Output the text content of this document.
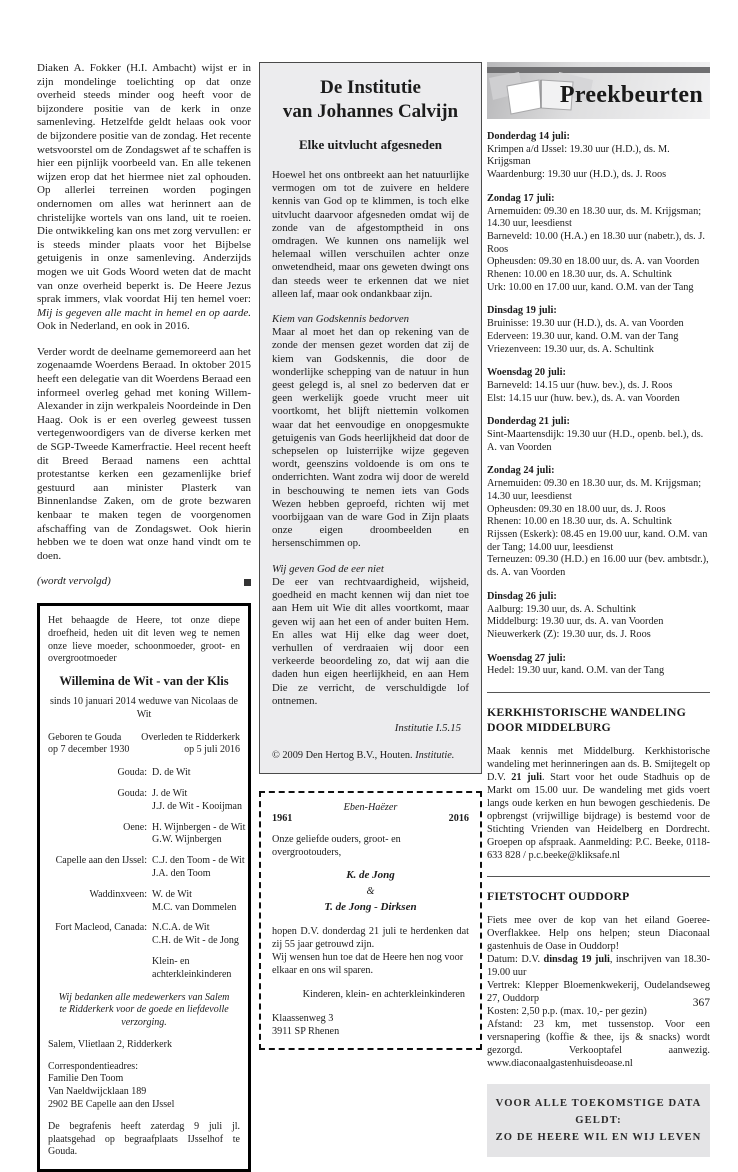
Diaken A. Fokker (H.I. Ambacht) wijst er in zijn mondelinge toelichting op dat onze overheid steeds minder oog heeft voor de bijzondere positie van de kerk in onze samenleving. Hetzelfde geldt helaas ook voor de bijzondere positie van de zondag. Het recente wetsvoorstel om de Zondagswet af te schaffen is hier een pijnlijk voorbeeld van. En alle tekenen wijzen erop dat het hiermee niet zal ophouden. Op allerlei terreinen worden pogingen ondernomen om alles wat herinnert aan de christelijke wortels van ons land, uit te roeien. Die ontwikkeling kan ons met zorg vervullen: er is steeds minder plaats voor het Bijbelse getuigenis in onze samenleving. Anderzijds mogen we uit Gods Woord weten dat de macht van onze overheid beperkt is. De Heere Jezus sprak immers, vlak voordat Hij ten hemel voer: Mij is gegeven alle macht in hemel en op aarde. Ook in Nederland, en ook in 2016.

Verder wordt de deelname gememoreerd aan het zogenaamde Woerdens Beraad. In oktober 2015 heeft een delegatie van dit Woerdens Beraad een informeel overleg gehad met koning Willem-Alexander in zijn werkpaleis Noordeinde in Den Haag. Ook is er een overleg geweest tussen vertegenwoordigers van de diverse kerken met de SGP-Tweede Kamerfractie. Heel recent heeft dit Breed Beraad namens een achttal protestantse kerken een gezamenlijke brief gestuurd aan minister Plasterk van Binnenlandse Zaken, om de grote bezwaren kenbaar te maken tegen de voorgenomen afschaffing van de Zondagswet. Ook hierin hebben we te doen wat onze hand vindt om te doen.

(wordt vervolgd)
Het behaagde de Heere, tot onze diepe droefheid, heden uit dit leven weg te nemen onze lieve moeder, schoonmoeder, groot- en overgrootmoeder
Willemina de Wit - van der Klis
sinds 10 januari 2014 weduwe van Nicolaas de Wit
Geboren te Gouda
op 7 december 1930
Overleden te Ridderkerk
op 5 juli 2016
Gouda: D. de Wit
Gouda: J. de Wit
J.J. de Wit - Kooijman
Oene: H. Wijnbergen - de Wit
G.W. Wijnbergen
Capelle aan den IJssel: C.J. den Toom - de Wit
J.A. den Toom
Waddinxveen: W. de Wit
M.C. van Dommelen
Fort Macleod, Canada: N.C.A. de Wit
C.H. de Wit - de Jong
Klein- en
achterkleinkinderen
Wij bedanken alle medewerkers van Salem
te Ridderkerk voor de goede en liefdevolle verzorging.
Salem, Vlietlaan 2, Ridderkerk
Correspondentieadres:
Familie Den Toom
Van Naeldwijcklaan 189
2902 BE Capelle aan den IJssel
De begrafenis heeft zaterdag 9 juli jl. plaatsgehad op begraafplaats IJsselhof te Gouda.
De Institutie
van Johannes Calvijn
Elke uitvlucht afgesneden

Hoewel het ons ontbreekt aan het natuurlijke vermogen om tot de zuivere en heldere kennis van God op te klimmen, is toch elke uitvlucht daarvoor afgesneden omdat wij de zonde van de afgestomptheid in ons omdragen. We kunnen ons namelijk wel helemaal willen verschuilen achter onze onwetendheid, maar ons geweten dwingt ons dan steeds weer te erkennen dat we niet alleen laf, maar ook ondankbaar zijn.

Kiem van Godskennis bedorven

Maar al moet het dan op rekening van de zonde der mensen gezet worden dat zij de kiem van Godskennis, die door de wonderlijke schepping van de natuur in hun geest gelegd is, al snel zo bederven dat er geen werkelijk goede vrucht meer uit voortkomt, het blijft niettemin volkomen waar dat het eenvoudige en onopgesmukte getuigenis van Gods heerlijkheid dat door de schepselen op luisterrijke wijze gegeven wordt, geenszins voldoende is om ons te onderrichten. Want zodra wij door de wereld in beschouwing te nemen iets van Gods Wezen hebben geproefd, richten wij met voorbijgaan van de ware God in Zijn plaats onze eigen droombeelden en hersenschimmen op.

Wij geven God de eer niet

De eer van rechtvaardigheid, wijsheid, goedheid en macht kennen wij dan niet toe aan Hem uit Wie dit alles voortkomt, maar geven wij aan het een of ander buiten Hem. En alles wat Hij elke dag weer doet, verhullen of verdraaien wij door een verkeerde beoordeling zo, dat wij aan die daden hun eigen heerlijkheid, en aan Hem Die ze verricht, de verschuldigde lof ontnemen.

Institutie I.5.15
© 2009 Den Hertog B.V., Houten. Institutie.
Eben-Haëzer
1961	2016
Onze geliefde ouders, groot- en overgrootouders,
K. de Jong
&
T. de Jong - Dirksen
hopen D.V. donderdag 21 juli te herdenken dat zij 55 jaar getrouwd zijn.
Wij wensen hun toe dat de Heere hen nog voor elkaar en ons wil sparen.
Kinderen, klein- en achterkleinkinderen
Klaassenweg 3
3911 SP Rhenen
Preekbeurten
Donderdag 14 juli:
Krimpen a/d IJssel: 19.30 uur (H.D.), ds. M. Krijgsman
Waardenburg: 19.30 uur (H.D.), ds. J. Roos
Zondag 17 juli:
Arnemuiden: 09.30 en 18.30 uur, ds. M. Krijgsman; 14.30 uur, leesdienst
Barneveld: 10.00 (H.A.) en 18.30 uur (nabetr.), ds. J. Roos
Opheusden: 09.30 en 18.00 uur, ds. A. van Voorden
Rhenen: 10.00 en 18.30 uur, ds. A. Schultink
Urk: 10.00 en 17.00 uur, kand. O.M. van der Tang
Dinsdag 19 juli:
Bruinisse: 19.30 uur (H.D.), ds. A. van Voorden
Ederveen: 19.30 uur, kand. O.M. van der Tang
Vriezenveen: 19.30 uur, ds. A. Schultink
Woensdag 20 juli:
Barneveld: 14.15 uur (huw. bev.), ds. J. Roos
Elst: 14.15 uur (huw. bev.), ds. A. van Voorden
Donderdag 21 juli:
Sint-Maartensdijk: 19.30 uur (H.D., openb. bel.), ds. A. van Voorden
Zondag 24 juli:
Arnemuiden: 09.30 en 18.30 uur, ds. M. Krijgsman; 14.30 uur, leesdienst
Opheusden: 09.30 en 18.00 uur, ds. J. Roos
Rhenen: 10.00 en 18.30 uur, ds. A. Schultink
Rijssen (Eskerk): 08.45 en 19.00 uur, kand. O.M. van der Tang; 14.00 uur, leesdienst
Terneuzen: 09.30 (H.D.) en 16.00 uur (bev. ambtsdr.), ds. A. van Voorden
Dinsdag 26 juli:
Aalburg: 19.30 uur, ds. A. Schultink
Middelburg: 19.30 uur, ds. A. van Voorden
Nieuwerkerk (Z): 19.30 uur, ds. J. Roos
Woensdag 27 juli:
Hedel: 19.30 uur, kand. O.M. van der Tang
KERKHISTORISCHE WANDELING
DOOR MIDDELBURG

Maak kennis met Middelburg. Kerkhistorische wandeling met herinneringen aan ds. B. Smijtegelt op D.V. 21 juli. Start voor het oude Stadhuis op de Markt om 15.00 uur. De wandeling met gids voert langs oude kerken en hun bewogen geschiedenis. De opbrengst (vrijwillige bijdrage) is bestemd voor de Stichting Vrienden van Heidelberg en Dordrecht. Groepen op afspraak. Aanmelding: P.C. Beeke, 0118-633 828 / p.c.beeke@kliksafe.nl

FIETSTOCHT OUDDORP

Fiets mee over de kop van het eiland Goeree-Overflakkee. Help ons helpen; steun Diaconaal gastenhuis de Oase in Ouddorp!
Datum: D.V. dinsdag 19 juli, inschrijven van 18.30-19.00 uur
Vertrek: Klepper Bloemenkwekerij, Oudelandseweg 27, Ouddorp
Kosten: 2,50 p.p. (max. 10,- per gezin)
Afstand: 23 km, met tussenstop. Voor een versnapering (koffie & thee, ijs & snacks) wordt gezorgd. Verkooptafel aanwezig. www.diaconaalgastenhuisdeoase.nl

VOOR ALLE TOEKOMSTIGE DATA GELDT:
ZO DE HEERE WIL EN WIJ LEVEN
367
